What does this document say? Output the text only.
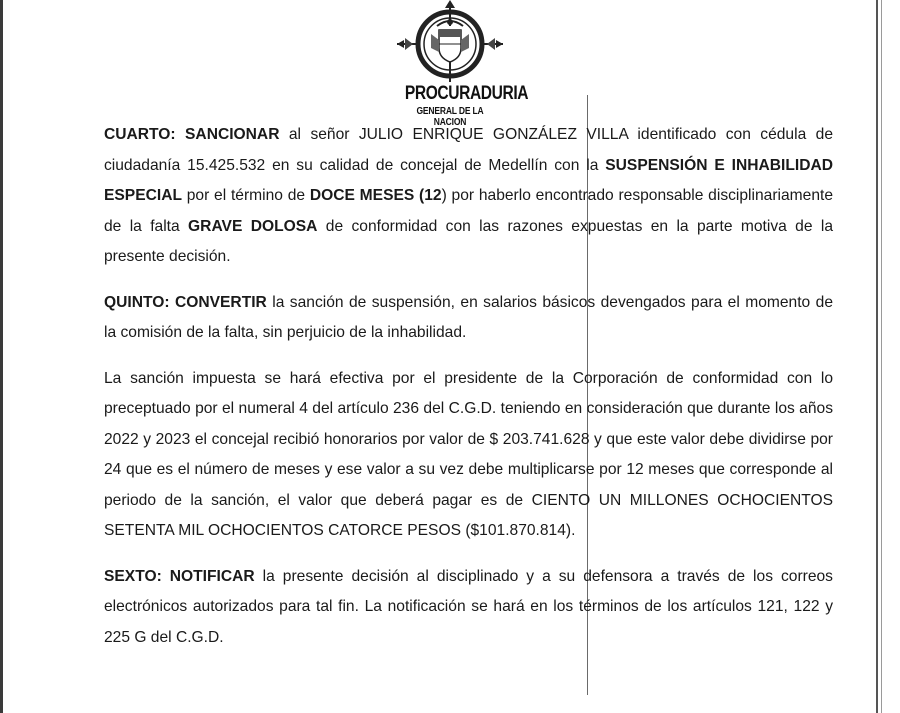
PROCURADURIA
GENERAL DE LA NACION

CUARTO: SANCIONAR al señor JULIO ENRIQUE GONZÁLEZ VILLA identificado con cédula de ciudadanía 15.425.532 en su calidad de concejal de Medellín con la SUSPENSIÓN E INHABILIDAD ESPECIAL por el término de DOCE MESES (12) por haberlo encontrado responsable disciplinariamente de la falta GRAVE DOLOSA de conformidad con las razones expuestas en la parte motiva de la presente decisión.

QUINTO: CONVERTIR la sanción de suspensión, en salarios básicos devengados para el momento de la comisión de la falta, sin perjuicio de la inhabilidad.

La sanción impuesta se hará efectiva por el presidente de la Corporación de conformidad con lo preceptuado por el numeral 4 del artículo 236 del C.G.D. teniendo en consideración que durante los años 2022 y 2023 el concejal recibió honorarios por valor de $ 203.741.628 y que este valor debe dividirse por 24 que es el número de meses y ese valor a su vez debe multiplicarse por 12 meses que corresponde al periodo de la sanción, el valor que deberá pagar es de CIENTO UN MILLONES OCHOCIENTOS SETENTA MIL OCHOCIENTOS CATORCE PESOS ($101.870.814).

SEXTO: NOTIFICAR la presente decisión al disciplinado y a su defensora a través de los correos electrónicos autorizados para tal fin. La notificación se hará en los términos de los artículos 121, 122 y 225 G del C.G.D.
